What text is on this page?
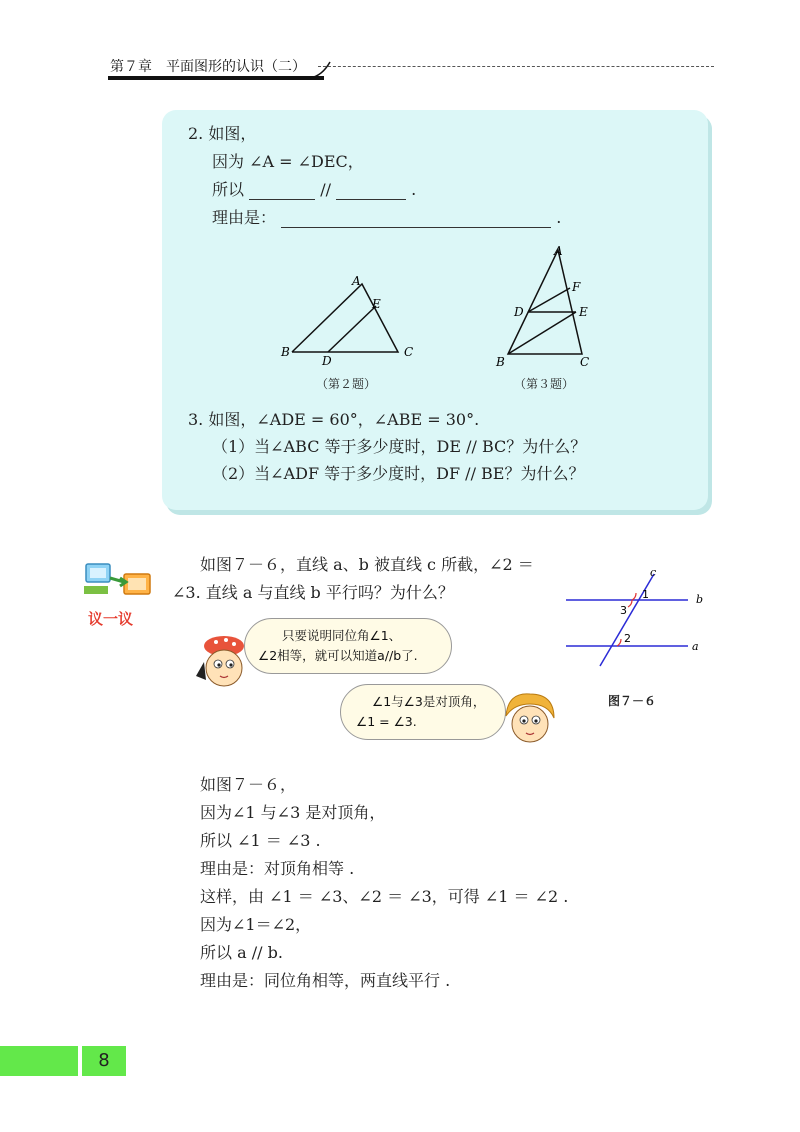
第７章　平面图形的认识（二）
2. 如图，
因为 ∠A = ∠DEC，
所以	//	.
理由是：	.
A
E
B
D
C
（第２题）
A
F
D	E
B	C
（第３题）
3. 如图，∠ADE = 60°，∠ABE = 30°.
（1）当∠ABC 等于多少度时，DE // BC？为什么？
（2）当∠ADF 等于多少度时，DF // BE？为什么？
议一议
如图７－６，直线 a、b 被直线 c 所截，∠2 ＝
∠3. 直线 a 与直线 b 平行吗？为什么？
c
b
a
1
3
2
图７－６
只要说明同位角∠1、
∠2相等，就可以知道a//b了.
∠1与∠3是对顶角，
∠1 = ∠3.
如图７－６，
因为∠1 与∠3 是对顶角，
所以 ∠1 ＝ ∠3 .
理由是：对顶角相等 .
这样，由 ∠1 ＝ ∠3、∠2 ＝ ∠3，可得 ∠1 ＝ ∠2 .
因为∠1＝∠2，
所以 a // b.
理由是：同位角相等，两直线平行 .
8
